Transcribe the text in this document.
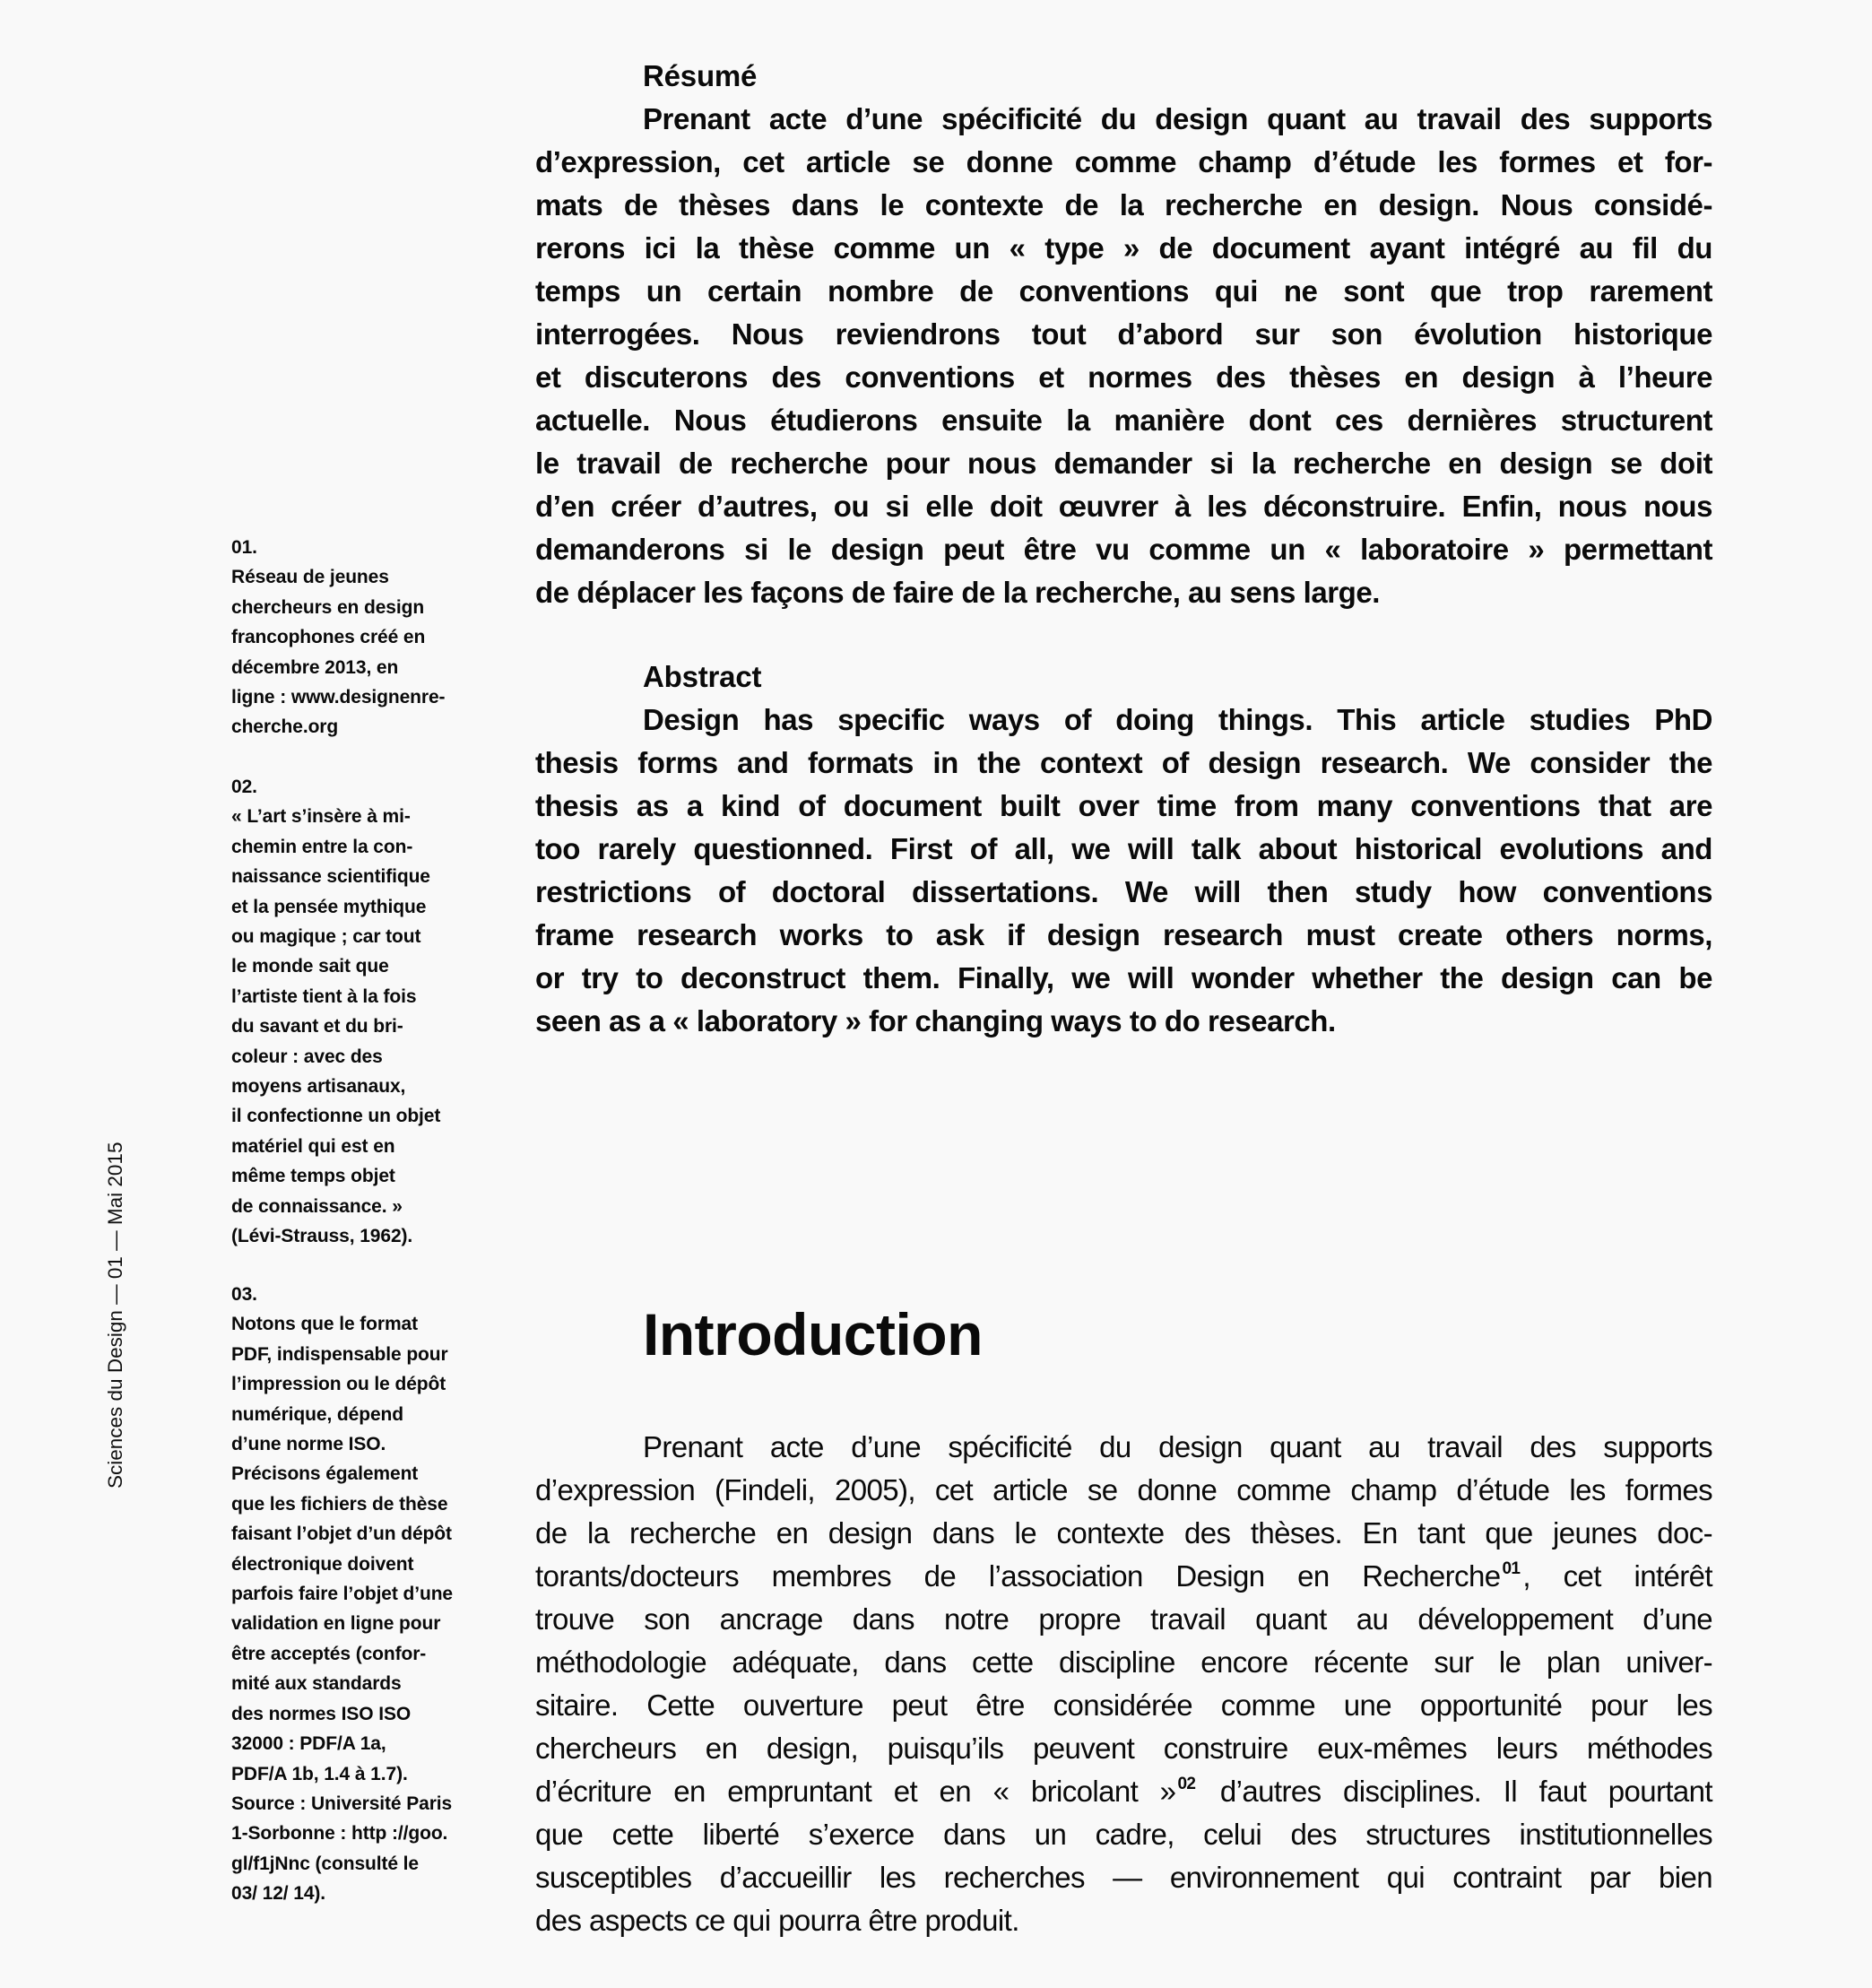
Sciences du Design — 01 — Mai 2015
01.
Réseau de jeunes
chercheurs en design
francophones créé en
décembre 2013, en
ligne : www.designenre-
cherche.org
02.
« L’art s’insère à mi-
chemin entre la con-
naissance scientifique
et la pensée mythique
ou magique ; car tout
le monde sait que
l’artiste tient à la fois
du savant et du bri-
coleur : avec des
moyens artisanaux,
il confectionne un objet
matériel qui est en
même temps objet
de connaissance. »
(Lévi-Strauss, 1962).
03.
Notons que le format
PDF, indispensable pour
l’impression ou le dépôt
numérique, dépend
d’une norme ISO.
Précisons également
que les fichiers de thèse
faisant l’objet d’un dépôt
électronique doivent
parfois faire l’objet d’une
validation en ligne pour
être acceptés (confor-
mité aux standards
des normes ISO ISO
32000 : PDF/A 1a,
PDF/A 1b, 1.4 à 1.7).
Source : Université Paris
1-Sorbonne : http ://goo.
gl/f1jNnc (consulté le
03/ 12/ 14).
Résumé
Prenant acte d’une spécificité du design quant au travail des supports
d’expression, cet article se donne comme champ d’étude les formes et for-
mats de thèses dans le contexte de la recherche en design. Nous considé-
rerons ici la thèse comme un « type » de document ayant intégré au fil du
temps un certain nombre de conventions qui ne sont que trop rarement
interrogées. Nous reviendrons tout d’abord sur son évolution historique
et discuterons des conventions et normes des thèses en design à l’heure
actuelle. Nous étudierons ensuite la manière dont ces dernières structurent
le travail de recherche pour nous demander si la recherche en design se doit
d’en créer d’autres, ou si elle doit œuvrer à les déconstruire. Enfin, nous nous
demanderons si le design peut être vu comme un « laboratoire » permettant
de déplacer les façons de faire de la recherche, au sens large.
Abstract
Design has specific ways of doing things. This article studies PhD
thesis forms and formats in the context of design research. We consider the
thesis as a kind of document built over time from many conventions that are
too rarely questionned. First of all, we will talk about historical evolutions and
restrictions of doctoral dissertations. We will then study how conventions
frame research works to ask if design research must create others norms,
or try to deconstruct them. Finally, we will wonder whether the design can be
seen as a « laboratory » for changing ways to do research.
Introduction
Prenant acte d’une spécificité du design quant au travail des supports
d’expression (Findeli, 2005), cet article se donne comme champ d’étude les formes
de la recherche en design dans le contexte des thèses. En tant que jeunes doc-
torants/docteurs membres de l’association Design en Recherche $^{01}$, cet intérêt
trouve son ancrage dans notre propre travail quant au développement d’une
méthodologie adéquate, dans cette discipline encore récente sur le plan univer-
sitaire. Cette ouverture peut être considérée comme une opportunité pour les
chercheurs en design, puisqu’ils peuvent construire eux-mêmes leurs méthodes
d’écriture en empruntant et en « bricolant » $^{02}$ d’autres disciplines. Il faut pourtant
que cette liberté s’exerce dans un cadre, celui des structures institutionnelles
susceptibles d’accueillir les recherches — environnement qui contraint par bien
des aspects ce qui pourra être produit.
